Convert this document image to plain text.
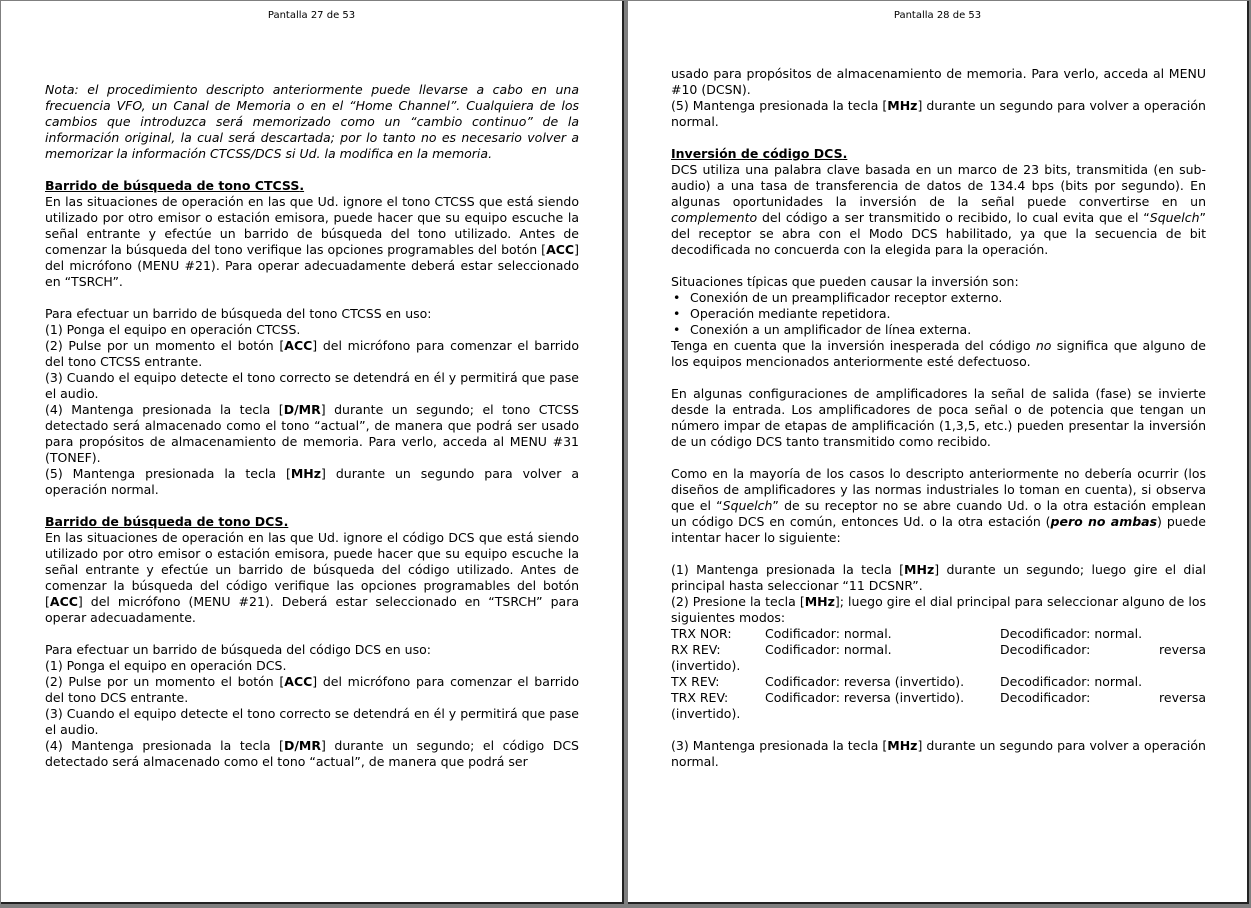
Pantalla 27 de 53

Nota: el procedimiento descripto anteriormente puede llevarse a cabo en una frecuencia VFO, un Canal de Memoria o en el “Home Channel”. Cualquiera de los cambios que introduzca será memorizado como un “cambio continuo” de la información original, la cual será descartada; por lo tanto no es necesario volver a memorizar la información CTCSS/DCS si Ud. la modifica en la memoria.

Barrido de búsqueda de tono CTCSS.

En las situaciones de operación en las que Ud. ignore el tono CTCSS que está siendo utilizado por otro emisor o estación emisora, puede hacer que su equipo escuche la señal entrante y efectúe un barrido de búsqueda del tono utilizado. Antes de comenzar la búsqueda del tono verifique las opciones programables del botón [ACC] del micrófono (MENU #21). Para operar adecuadamente deberá estar seleccionado en “TSRCH”.

Para efectuar un barrido de búsqueda del tono CTCSS en uso:

(1) Ponga el equipo en operación CTCSS.

(2) Pulse por un momento el botón [ACC] del micrófono para comenzar el barrido del tono CTCSS entrante.

(3) Cuando el equipo detecte el tono correcto se detendrá en él y permitirá que pase el audio.

(4) Mantenga presionada la tecla [D/MR] durante un segundo; el tono CTCSS detectado será almacenado como el tono “actual”, de manera que podrá ser usado para propósitos de almacenamiento de memoria. Para verlo, acceda al MENU #31 (TONEF).

(5) Mantenga presionada la tecla [MHz] durante un segundo para volver a operación normal.

Barrido de búsqueda de tono DCS.

En las situaciones de operación en las que Ud. ignore el código DCS que está siendo utilizado por otro emisor o estación emisora, puede hacer que su equipo escuche la señal entrante y efectúe un barrido de búsqueda del código utilizado. Antes de comenzar la búsqueda del código verifique las opciones programables del botón [ACC] del micrófono (MENU #21). Deberá estar seleccionado en “TSRCH” para operar adecuadamente.

Para efectuar un barrido de búsqueda del código DCS en uso:

(1) Ponga el equipo en operación DCS.

(2) Pulse por un momento el botón [ACC] del micrófono para comenzar el barrido del tono DCS entrante.

(3) Cuando el equipo detecte el tono correcto se detendrá en él y permitirá que pase el audio.

(4) Mantenga presionada la tecla [D/MR] durante un segundo; el código DCS detectado será almacenado como el tono “actual”, de manera que podrá ser

Pantalla 28 de 53

usado para propósitos de almacenamiento de memoria. Para verlo, acceda al MENU #10 (DCSN).

(5) Mantenga presionada la tecla [MHz] durante un segundo para volver a operación normal.

Inversión de código DCS.

DCS utiliza una palabra clave basada en un marco de 23 bits, transmitida (en sub-audio) a una tasa de transferencia de datos de 134.4 bps (bits por segundo). En algunas oportunidades la inversión de la señal puede convertirse en un complemento del código a ser transmitido o recibido, lo cual evita que el “Squelch” del receptor se abra con el Modo DCS habilitado, ya que la secuencia de bit decodificada no concuerda con la elegida para la operación.

Situaciones típicas que pueden causar la inversión son:

• Conexión de un preamplificador receptor externo.
• Operación mediante repetidora.
• Conexión a un amplificador de línea externa.

Tenga en cuenta que la inversión inesperada del código no significa que alguno de los equipos mencionados anteriormente esté defectuoso.

En algunas configuraciones de amplificadores la señal de salida (fase) se invierte desde la entrada. Los amplificadores de poca señal o de potencia que tengan un número impar de etapas de amplificación (1,3,5, etc.) pueden presentar la inversión de un código DCS tanto transmitido como recibido.

Como en la mayoría de los casos lo descripto anteriormente no debería ocurrir (los diseños de amplificadores y las normas industriales lo toman en cuenta), si observa que el “Squelch” de su receptor no se abre cuando Ud. o la otra estación emplean un código DCS en común, entonces Ud. o la otra estación (pero no ambas) puede intentar hacer lo siguiente:

(1) Mantenga presionada la tecla [MHz] durante un segundo; luego gire el dial principal hasta seleccionar “11 DCSNR”.

(2) Presione la tecla [MHz]; luego gire el dial principal para seleccionar alguno de los siguientes modos:

TRX NOR:	Codificador: normal.	Decodificador: normal.
RX REV:	Codificador: normal.	Decodificador:	reversa
(invertido).
TX REV:	Codificador: reversa (invertido).	Decodificador: normal.
TRX REV:	Codificador: reversa (invertido).	Decodificador:	reversa
(invertido).

(3) Mantenga presionada la tecla [MHz] durante un segundo para volver a operación normal.
